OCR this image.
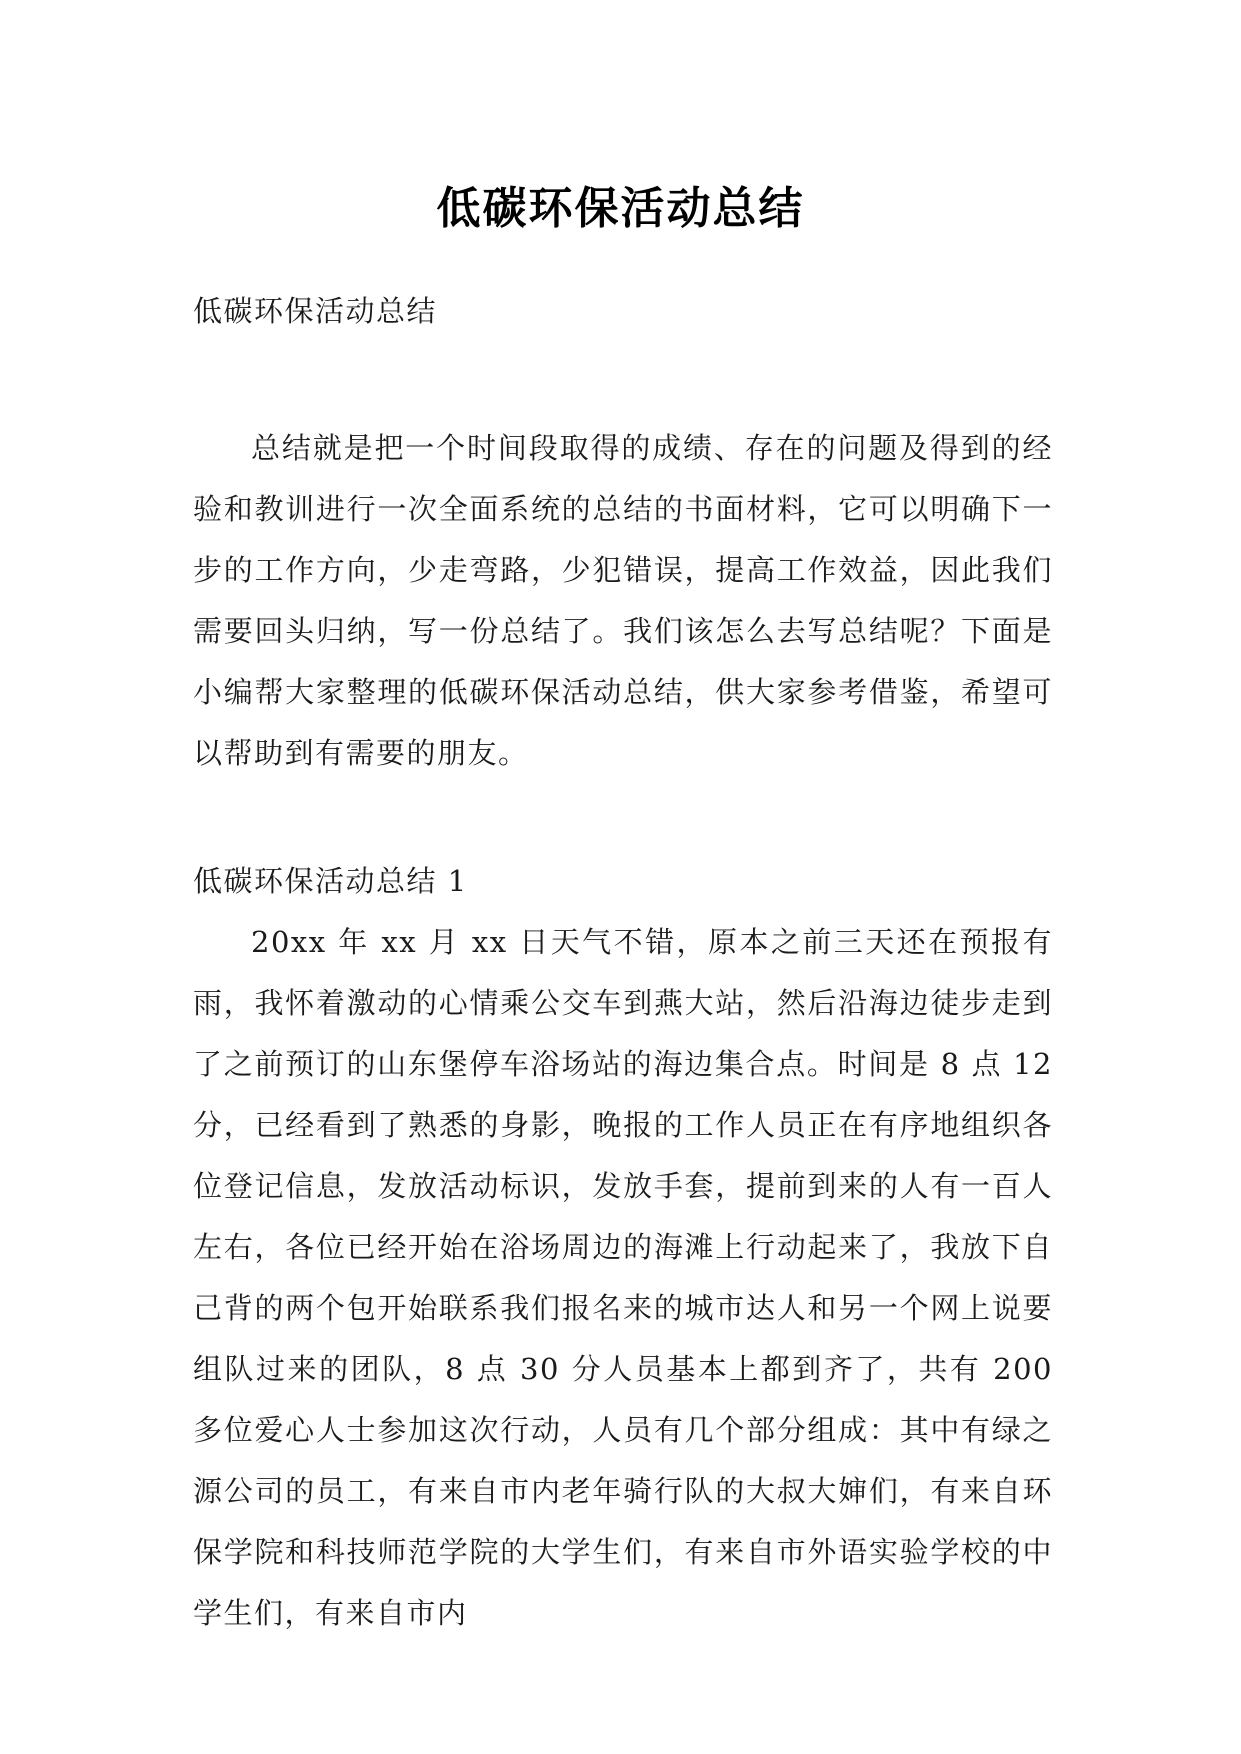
低碳环保活动总结

低碳环保活动总结

总结就是把一个时间段取得的成绩、存在的问题及得到的经验和教训进行一次全面系统的总结的书面材料，它可以明确下一步的工作方向，少走弯路，少犯错误，提高工作效益，因此我们需要回头归纳，写一份总结了。我们该怎么去写总结呢？下面是小编帮大家整理的低碳环保活动总结，供大家参考借鉴，希望可以帮助到有需要的朋友。

低碳环保活动总结 1

20xx 年 xx 月 xx 日天气不错，原本之前三天还在预报有雨，我怀着激动的心情乘公交车到燕大站，然后沿海边徒步走到了之前预订的山东堡停车浴场站的海边集合点。时间是 8 点 12 分，已经看到了熟悉的身影，晚报的工作人员正在有序地组织各位登记信息，发放活动标识，发放手套，提前到来的人有一百人左右，各位已经开始在浴场周边的海滩上行动起来了，我放下自己背的两个包开始联系我们报名来的城市达人和另一个网上说要组队过来的团队，8 点 30 分人员基本上都到齐了，共有 200 多位爱心人士参加这次行动，人员有几个部分组成：其中有绿之源公司的员工，有来自市内老年骑行队的大叔大婶们，有来自环保学院和科技师范学院的大学生们，有来自市外语实验学校的中学生们，有来自市内
